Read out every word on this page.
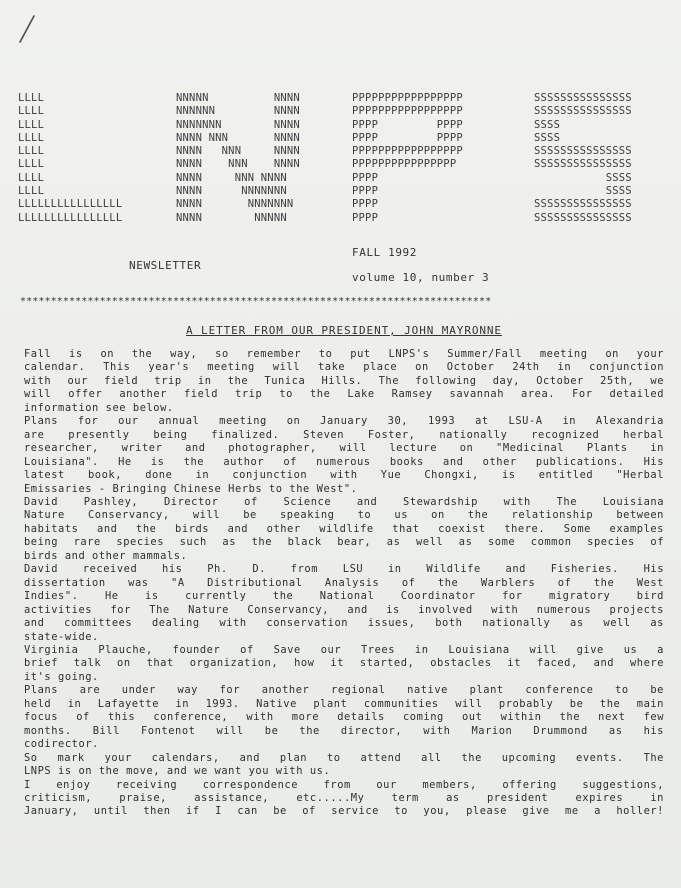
LLLL
LLLL
LLLL
LLLL
LLLL
LLLL
LLLL
LLLL
LLLLLLLLLLLLLLLL
LLLLLLLLLLLLLLLL
NNNNN          NNNN
NNNNNN         NNNN
NNNNNNN        NNNN
NNNN NNN       NNNN
NNNN   NNN     NNNN
NNNN    NNN    NNNN
NNNN     NNN NNNN
NNNN      NNNNNNN
NNNN       NNNNNNN
NNNN        NNNNN
PPPPPPPPPPPPPPPPP
PPPPPPPPPPPPPPPPP
PPPP         PPPP
PPPP         PPPP
PPPPPPPPPPPPPPPPP
PPPPPPPPPPPPPPPP
PPPP
PPPP
PPPP
PPPP
SSSSSSSSSSSSSSS
SSSSSSSSSSSSSSS
SSSS
SSSS
SSSSSSSSSSSSSSS
SSSSSSSSSSSSSSS
SSSS
SSSS
SSSSSSSSSSSSSSS
SSSSSSSSSSSSSSS
FALL 1992
NEWSLETTER
volume 10, number 3
*****************************************************************************
A LETTER FROM OUR PRESIDENT, JOHN MAYRONNE
Fall is on the way, so remember to put LNPS's Summer/Fall meeting on your
calendar. This year's meeting will take place on October 24th in conjunction
with our field trip in the Tunica Hills. The following day, October 25th, we
will offer another field trip to the Lake Ramsey savannah area. For detailed
information see below.
Plans for our annual meeting on January 30, 1993 at LSU-A in Alexandria
are presently being finalized. Steven Foster, nationally recognized herbal
researcher, writer and photographer, will lecture on "Medicinal Plants in
Louisiana". He is the author of numerous books and other publications. His
latest book, done in conjunction with Yue Chongxi, is entitled "Herbal
Emissaries - Bringing Chinese Herbs to the West".
David Pashley, Director of Science and Stewardship with The Louisiana
Nature Conservancy, will be speaking to us on the relationship between
habitats and the birds and other wildlife that coexist there. Some examples
being rare species such as the black bear, as well as some common species of
birds and other mammals.
David received his Ph. D. from LSU in Wildlife and Fisheries. His
dissertation was "A Distributional Analysis of the Warblers of the West
Indies". He is currently the National Coordinator for migratory bird
activities for The Nature Conservancy, and is involved with numerous projects
and committees dealing with conservation issues, both nationally as well as
state-wide.
Virginia Plauche, founder of Save our Trees in Louisiana will give us a
brief talk on that organization, how it started, obstacles it faced, and where
it's going.
Plans are under way for another regional native plant conference to be
held in Lafayette in 1993. Native plant communities will probably be the main
focus of this conference, with more details coming out within the next few
months. Bill Fontenot will be the director, with Marion Drummond as his
codirector.
So mark your calendars, and plan to attend all the upcoming events. The
LNPS is on the move, and we want you with us.
I enjoy receiving correspondence from our members, offering suggestions,
criticism, praise, assistance, etc.....My term as president expires in
January, until then if I can be of service to you, please give me a holler!
